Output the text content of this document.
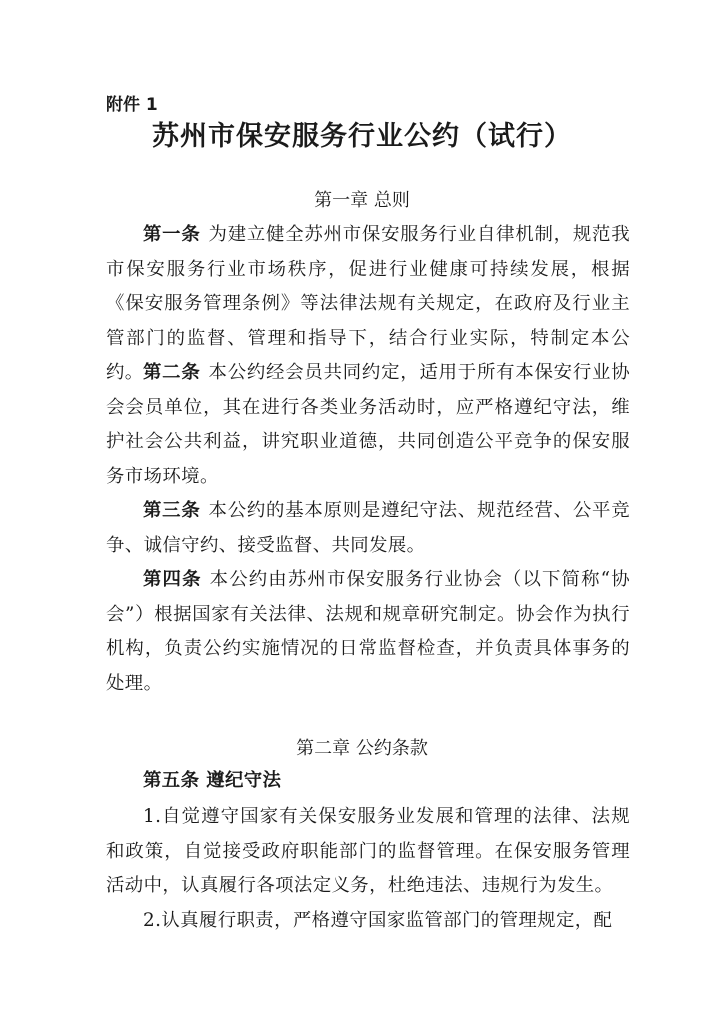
附件 1
苏州市保安服务行业公约（试行）
第一章 总则
第一条 为建立健全苏州市保安服务行业自律机制，规范我市保安服务行业市场秩序，促进行业健康可持续发展，根据《保安服务管理条例》等法律法规有关规定，在政府及行业主管部门的监督、管理和指导下，结合行业实际，特制定本公约。 第二条 本公约经会员共同约定，适用于所有本保安行业协会会员单位，其在进行各类业务活动时，应严格遵纪守法，维护社会公共利益，讲究职业道德，共同创造公平竞争的保安服务市场环境。
第三条 本公约的基本原则是遵纪守法、规范经营、公平竞争、诚信守约、接受监督、共同发展。
第四条 本公约由苏州市保安服务行业协会（以下简称“协会”）根据国家有关法律、法规和规章研究制定。协会作为执行机构，负责公约实施情况的日常监督检查，并负责具体事务的处理。
第二章 公约条款
第五条 遵纪守法
1.自觉遵守国家有关保安服务业发展和管理的法律、法规和政策，自觉接受政府职能部门的监督管理。在保安服务管理活动中，认真履行各项法定义务，杜绝违法、违规行为发生。
2.认真履行职责，严格遵守国家监管部门的管理规定，配
